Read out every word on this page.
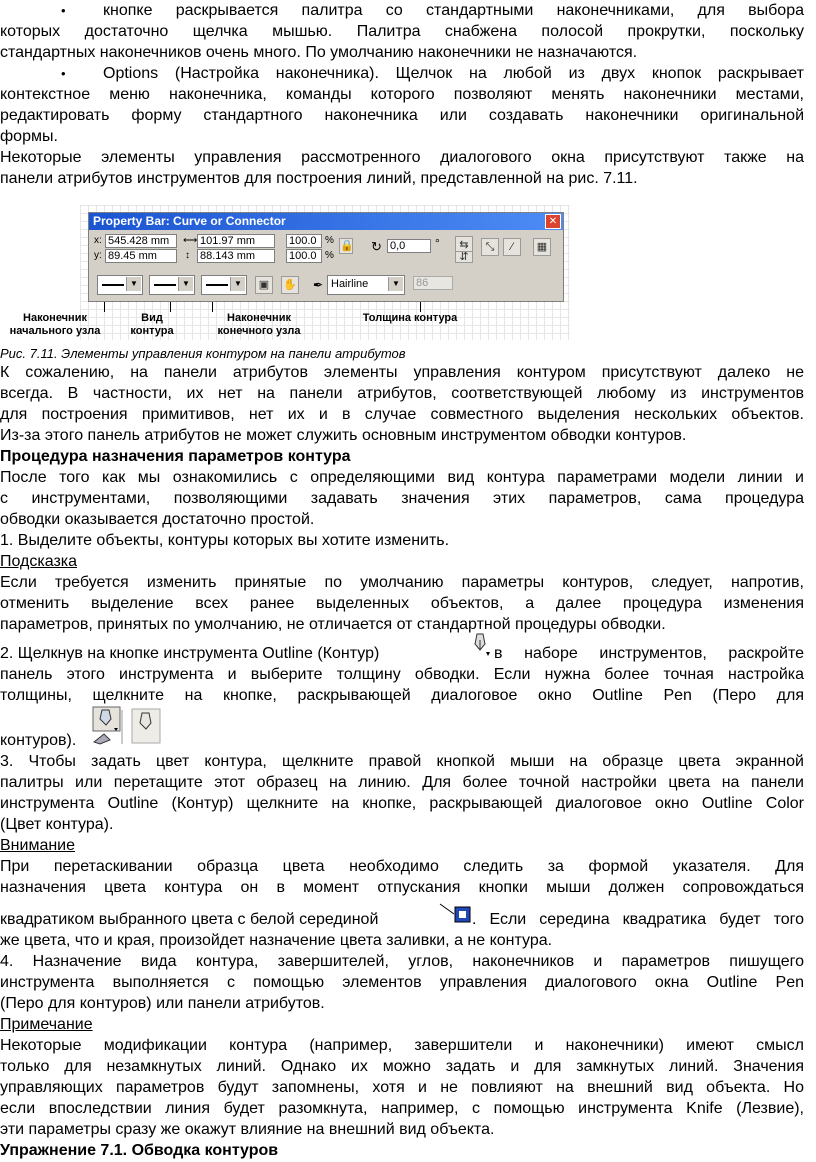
• кнопке раскрывается палитра со стандартными наконечниками, для выбора
которых достаточно щелчка мышью. Палитра снабжена полосой прокрутки, поскольку
стандартных наконечников очень много. По умолчанию наконечники не назначаются.
• Options (Настройка наконечника). Щелчок на любой из двух кнопок раскрывает
контекстное меню наконечника, команды которого позволяют менять наконечники местами,
редактировать форму стандартного наконечника или создавать наконечники оригинальной
формы.
Некоторые элементы управления рассмотренного диалогового окна присутствуют также на
панели атрибутов инструментов для построения линий, представленной на рис. 7.11.
Property Bar: Curve or Connector	✕
x: 545.428 mm
y: 89.45 mm
⟷ 101.97 mm
↕ 88.143 mm
100.0 %
100.0 %
🔒 ↻ 0,0	°	⇆
⇵
⤡	∕	▦
▼	▼	▼	▣	✋ ✒ Hairline	▼ 86
Наконечник
начального узла
Вид
контура
Наконечник
конечного узла
Толщина контура
Рис. 7.11. Элементы управления контуром на панели атрибутов
К сожалению, на панели атрибутов элементы управления контуром присутствуют далеко не
всегда. В частности, их нет на панели атрибутов, соответствующей любому из инструментов
для построения примитивов, нет их и в случае совместного выделения нескольких объектов.
Из-за этого панель атрибутов не может служить основным инструментом обводки контуров.
Процедура назначения параметров контура
После того как мы ознакомились с определяющими вид контура параметрами модели линии и
с инструментами, позволяющими задавать значения этих параметров, сама процедура
обводки оказывается достаточно простой.
1. Выделите объекты, контуры которых вы хотите изменить.
Подсказка
Если требуется изменить принятые по умолчанию параметры контуров, следует, напротив,
отменить выделение всех ранее выделенных объектов, а далее процедура изменения
параметров, принятых по умолчанию, не отличается от стандартной процедуры обводки.
2. Щелкнув на кнопке инструмента Outline (Контур)	в наборе инструментов, раскройте
панель этого инструмента и выберите толщину обводки. Если нужна более точная настройка
толщины, щелкните на кнопке, раскрывающей диалоговое окно Outline Pen (Перо для
контуров).
3. Чтобы задать цвет контура, щелкните правой кнопкой мыши на образце цвета экранной
палитры или перетащите этот образец на линию. Для более точной настройки цвета на панели
инструмента Outline (Контур) щелкните на кнопке, раскрывающей диалоговое окно Outline Color
(Цвет контура).
Внимание
При перетаскивании образца цвета необходимо следить за формой указателя. Для
назначения цвета контура он в момент отпускания кнопки мыши должен сопровождаться
квадратиком выбранного цвета с белой серединой	. Если середина квадратика будет того
же цвета, что и края, произойдет назначение цвета заливки, а не контура.
4. Назначение вида контура, завершителей, углов, наконечников и параметров пишущего
инструмента выполняется с помощью элементов управления диалогового окна Outline Pen
(Перо для контуров) или панели атрибутов.
Примечание
Некоторые модификации контура (например, завершители и наконечники) имеют смысл
только для незамкнутых линий. Однако их можно задать и для замкнутых линий. Значения
управляющих параметров будут запомнены, хотя и не повлияют на внешний вид объекта. Но
если впоследствии линия будет разомкнута, например, с помощью инструмента Knife (Лезвие),
эти параметры сразу же окажут влияние на внешний вид объекта.
Упражнение 7.1. Обводка контуров
